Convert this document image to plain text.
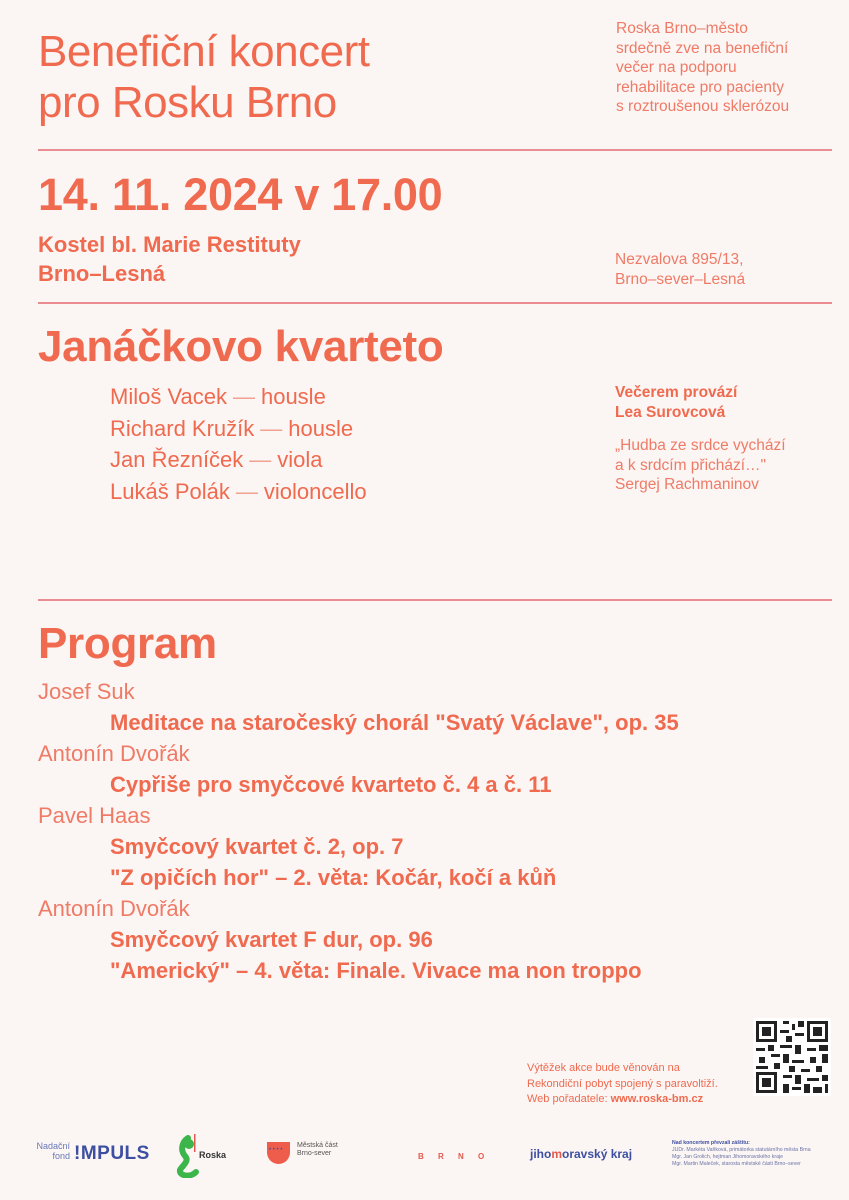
Benefiční koncert
pro Rosku Brno
Roska Brno–město
srdečně zve na benefiční
večer na podporu
rehabilitace pro pacienty
s roztroušenou sklerózou
14. 11. 2024 v 17.00
Kostel bl. Marie Restituty
Brno–Lesná
Nezvalova 895/13,
Brno–sever–Lesná
Janáčkovo kvarteto
Miloš Vacek — housle
Richard Kružík — housle
Jan Řezníček — viola
Lukáš Polák — violoncello
Večerem provází
Lea Surovcová
„Hudba ze srdce vychází
a k srdcím přichází…"
Sergej Rachmaninov
Program
Josef Suk
Meditace na staročeský chorál "Svatý Václave", op. 35
Antonín Dvořák
Cypřiše pro smyčcové kvarteto č. 4 a č. 11
Pavel Haas
Smyčcový kvartet č. 2, op. 7
"Z opičích hor" – 2. věta: Kočár, kočí a kůň
Antonín Dvořák
Smyčcový kvartet F dur, op. 96
"Americký" – 4. věta: Finale. Vivace ma non troppo
Výtěžek akce bude věnován na
Rekondiční pobyt spojený s paravoltiží.
Web pořadatele: www.roska-bm.cz
Nadační
fond !MPULS	Roska
• • • •
Městská část
Brno-sever	B R N O	jihomoravský kraj
Nad koncertem převzali záštitu:
JUDr. Markéta Vaňková, primátorka statutárního města Brna
Mgr. Jan Grolich, hejtman Jihomoravského kraje
Mgr. Martin Maleček, starosta městské části Brno–sever
